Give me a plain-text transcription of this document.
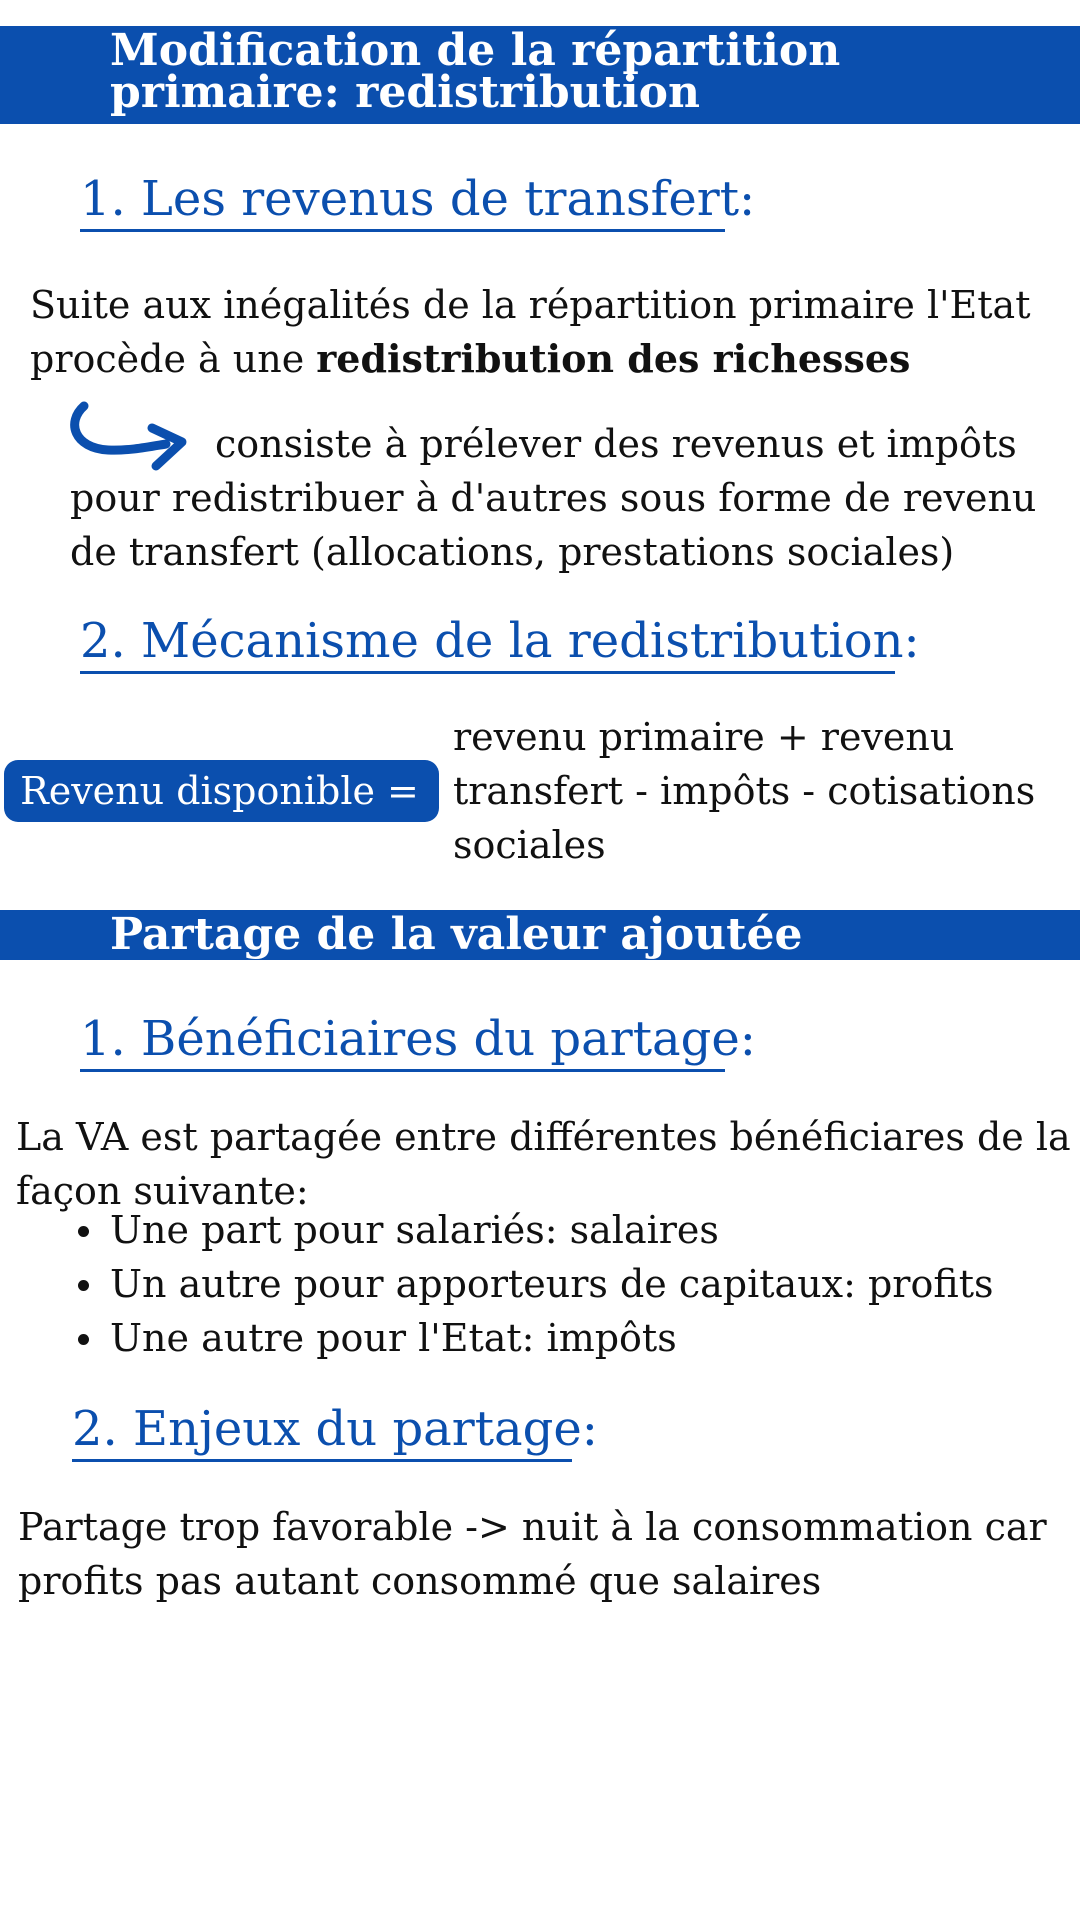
Modification de la répartition
primaire: redistribution
1. Les revenus de transfert:
Suite aux inégalités de la répartition primaire l'Etat procède à une redistribution des richesses
consiste à prélever des revenus et impôts pour redistribuer à d'autres sous forme de revenu de transfert (allocations, prestations sociales)
2. Mécanisme de la redistribution:
Revenu disponible =
revenu primaire + revenu transfert - impôts - cotisations sociales
Partage de la valeur ajoutée
1. Bénéficiaires du partage:
La VA est partagée entre différentes bénéficiares de la façon suivante:
Une part pour salariés: salaires
Un autre pour apporteurs de capitaux: profits
Une autre pour l'Etat: impôts
2. Enjeux du partage:
Partage trop favorable -> nuit à la consommation car profits pas autant consommé que salaires
